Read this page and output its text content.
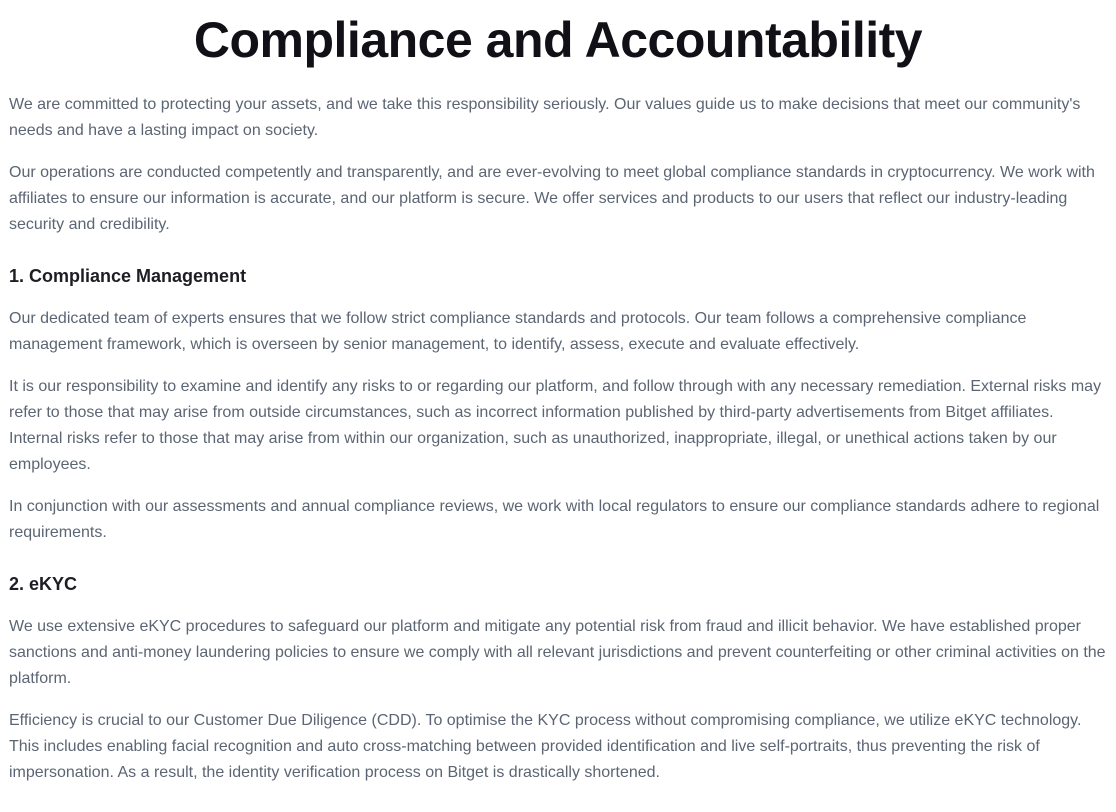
Compliance and Accountability

We are committed to protecting your assets, and we take this responsibility seriously. Our values guide us to make decisions that meet our community's needs and have a lasting impact on society.

Our operations are conducted competently and transparently, and are ever-evolving to meet global compliance standards in cryptocurrency. We work with affiliates to ensure our information is accurate, and our platform is secure. We offer services and products to our users that reflect our industry-leading security and credibility.

1. Compliance Management

Our dedicated team of experts ensures that we follow strict compliance standards and protocols. Our team follows a comprehensive compliance management framework, which is overseen by senior management, to identify, assess, execute and evaluate effectively.

It is our responsibility to examine and identify any risks to or regarding our platform, and follow through with any necessary remediation. External risks may refer to those that may arise from outside circumstances, such as incorrect information published by third-party advertisements from Bitget affiliates. Internal risks refer to those that may arise from within our organization, such as unauthorized, inappropriate, illegal, or unethical actions taken by our employees.

In conjunction with our assessments and annual compliance reviews, we work with local regulators to ensure our compliance standards adhere to regional requirements.

2. eKYC

We use extensive eKYC procedures to safeguard our platform and mitigate any potential risk from fraud and illicit behavior. We have established proper sanctions and anti-money laundering policies to ensure we comply with all relevant jurisdictions and prevent counterfeiting or other criminal activities on the platform.

Efficiency is crucial to our Customer Due Diligence (CDD). To optimise the KYC process without compromising compliance, we utilize eKYC technology. This includes enabling facial recognition and auto cross-matching between provided identification and live self-portraits, thus preventing the risk of impersonation. As a result, the identity verification process on Bitget is drastically shortened.
